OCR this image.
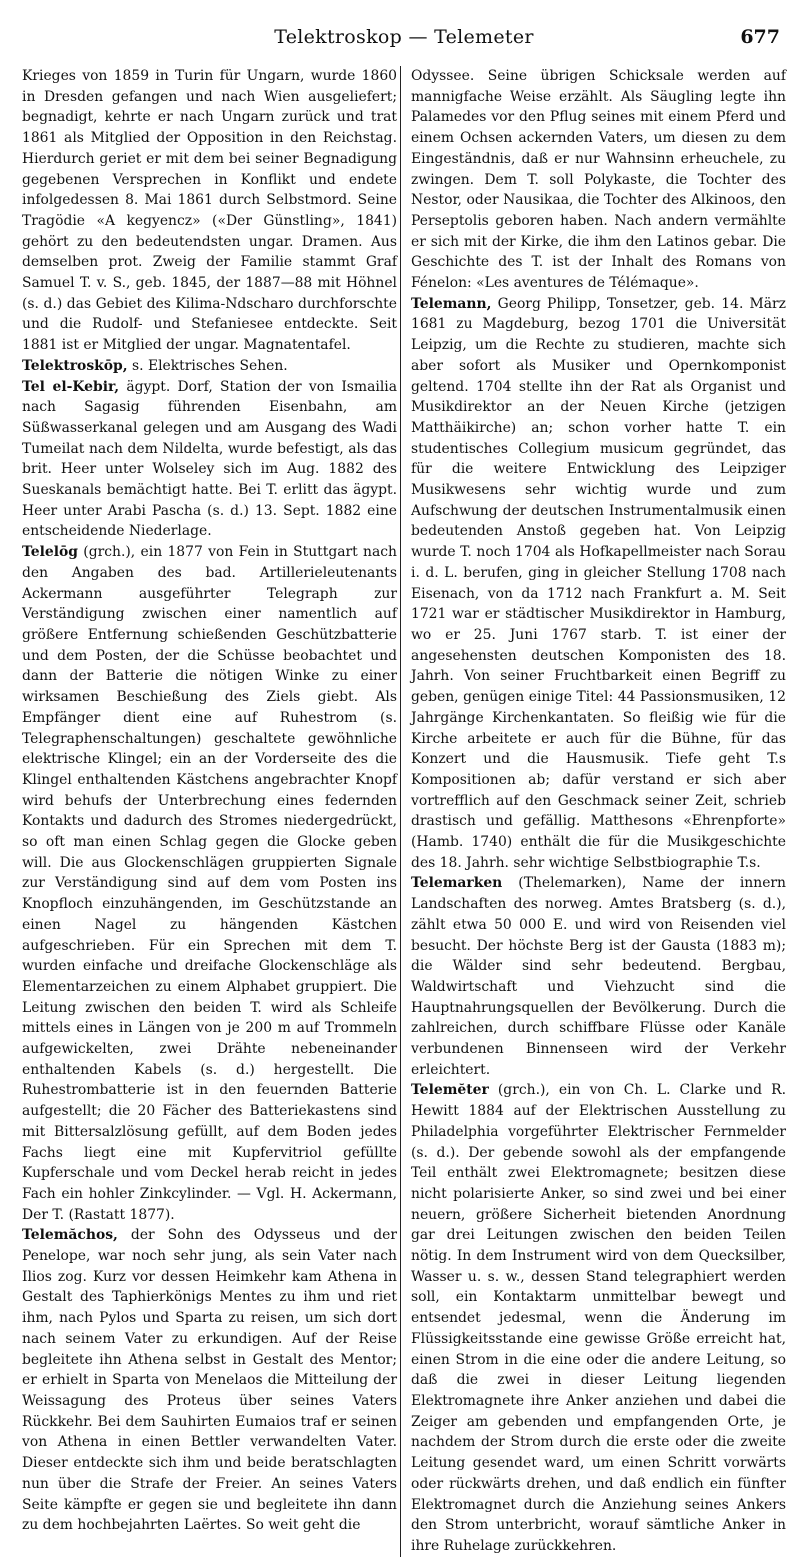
Telektroskop — Telemeter	677

Krieges von 1859 in Turin für Ungarn, wurde 1860 in Dresden gefangen und nach Wien ausgeliefert; begnadigt, kehrte er nach Ungarn zurück und trat 1861 als Mitglied der Opposition in den Reichstag. Hierdurch geriet er mit dem bei seiner Begnadigung gegebenen Versprechen in Konflikt und endete infolgedessen 8. Mai 1861 durch Selbstmord. Seine Tragödie «A kegyencz» («Der Günstling», 1841) gehört zu den bedeutendsten ungar. Dramen. Aus demselben prot. Zweig der Familie stammt Graf Samuel T. v. S., geb. 1845, der 1887—88 mit Höhnel (s. d.) das Gebiet des Kilima-Ndscharo durchforschte und die Rudolf- und Stefaniesee entdeckte. Seit 1881 ist er Mitglied der ungar. Magnatentafel.

Telektroskōp, s. Elektrisches Sehen.

Tel el-Kebir, ägypt. Dorf, Station der von Ismailia nach Sagasig führenden Eisenbahn, am Süßwasserkanal gelegen und am Ausgang des Wadi Tumeilat nach dem Nildelta, wurde befestigt, als das brit. Heer unter Wolseley sich im Aug. 1882 des Sueskanals bemächtigt hatte. Bei T. erlitt das ägypt. Heer unter Arabi Pascha (s. d.) 13. Sept. 1882 eine entscheidende Niederlage.

Telelōg (grch.), ein 1877 von Fein in Stuttgart nach den Angaben des bad. Artillerieleutenants Ackermann ausgeführter Telegraph zur Verständigung zwischen einer namentlich auf größere Entfernung schießenden Geschützbatterie und dem Posten, der die Schüsse beobachtet und dann der Batterie die nötigen Winke zu einer wirksamen Beschießung des Ziels giebt. Als Empfänger dient eine auf Ruhestrom (s. Telegraphenschaltungen) geschaltete gewöhnliche elektrische Klingel; ein an der Vorderseite des die Klingel enthaltenden Kästchens angebrachter Knopf wird behufs der Unterbrechung eines federnden Kontakts und dadurch des Stromes niedergedrückt, so oft man einen Schlag gegen die Glocke geben will. Die aus Glockenschlägen gruppierten Signale zur Verständigung sind auf dem vom Posten ins Knopfloch einzuhängenden, im Geschützstande an einen Nagel zu hängenden Kästchen aufgeschrieben. Für ein Sprechen mit dem T. wurden einfache und dreifache Glockenschläge als Elementarzeichen zu einem Alphabet gruppiert. Die Leitung zwischen den beiden T. wird als Schleife mittels eines in Längen von je 200 m auf Trommeln aufgewickelten, zwei Drähte nebeneinander enthaltenden Kabels (s. d.) hergestellt. Die Ruhestrombatterie ist in den feuernden Batterie aufgestellt; die 20 Fächer des Batteriekastens sind mit Bittersalzlösung gefüllt, auf dem Boden jedes Fachs liegt eine mit Kupfervitriol gefüllte Kupferschale und vom Deckel herab reicht in jedes Fach ein hohler Zinkcylinder. — Vgl. H. Ackermann, Der T. (Rastatt 1877).

Telemăchos, der Sohn des Odysseus und der Penelope, war noch sehr jung, als sein Vater nach Ilios zog. Kurz vor dessen Heimkehr kam Athena in Gestalt des Taphierkönigs Mentes zu ihm und riet ihm, nach Pylos und Sparta zu reisen, um sich dort nach seinem Vater zu erkundigen. Auf der Reise begleitete ihn Athena selbst in Gestalt des Mentor; er erhielt in Sparta von Menelaos die Mitteilung der Weissagung des Proteus über seines Vaters Rückkehr. Bei dem Sauhirten Eumaios traf er seinen von Athena in einen Bettler verwandelten Vater. Dieser entdeckte sich ihm und beide beratschlagten nun über die Strafe der Freier. An seines Vaters Seite kämpfte er gegen sie und begleitete ihn dann zu dem hochbejahrten Laërtes. So weit geht die

Odyssee. Seine übrigen Schicksale werden auf mannigfache Weise erzählt. Als Säugling legte ihn Palamedes vor den Pflug seines mit einem Pferd und einem Ochsen ackernden Vaters, um diesen zu dem Eingeständnis, daß er nur Wahnsinn erheuchele, zu zwingen. Dem T. soll Polykaste, die Tochter des Nestor, oder Nausikaa, die Tochter des Alkinoos, den Perseptolis geboren haben. Nach andern vermählte er sich mit der Kirke, die ihm den Latinos gebar. Die Geschichte des T. ist der Inhalt des Romans von Fénelon: «Les aventures de Télémaque».

Telemann, Georg Philipp, Tonsetzer, geb. 14. März 1681 zu Magdeburg, bezog 1701 die Universität Leipzig, um die Rechte zu studieren, machte sich aber sofort als Musiker und Opernkomponist geltend. 1704 stellte ihn der Rat als Organist und Musikdirektor an der Neuen Kirche (jetzigen Matthäikirche) an; schon vorher hatte T. ein studentisches Collegium musicum gegründet, das für die weitere Entwicklung des Leipziger Musikwesens sehr wichtig wurde und zum Aufschwung der deutschen Instrumentalmusik einen bedeutenden Anstoß gegeben hat. Von Leipzig wurde T. noch 1704 als Hofkapellmeister nach Sorau i. d. L. berufen, ging in gleicher Stellung 1708 nach Eisenach, von da 1712 nach Frankfurt a. M. Seit 1721 war er städtischer Musikdirektor in Hamburg, wo er 25. Juni 1767 starb. T. ist einer der angesehensten deutschen Komponisten des 18. Jahrh. Von seiner Fruchtbarkeit einen Begriff zu geben, genügen einige Titel: 44 Passionsmusiken, 12 Jahrgänge Kirchenkantaten. So fleißig wie für die Kirche arbeitete er auch für die Bühne, für das Konzert und die Hausmusik. Tiefe geht T.s Kompositionen ab; dafür verstand er sich aber vortrefflich auf den Geschmack seiner Zeit, schrieb drastisch und gefällig. Matthesons «Ehrenpforte» (Hamb. 1740) enthält die für die Musikgeschichte des 18. Jahrh. sehr wichtige Selbstbiographie T.s.

Telemarken (Thelemarken), Name der innern Landschaften des norweg. Amtes Bratsberg (s. d.), zählt etwa 50 000 E. und wird von Reisenden viel besucht. Der höchste Berg ist der Gausta (1883 m); die Wälder sind sehr bedeutend. Bergbau, Waldwirtschaft und Viehzucht sind die Hauptnahrungsquellen der Bevölkerung. Durch die zahlreichen, durch schiffbare Flüsse oder Kanäle verbundenen Binnenseen wird der Verkehr erleichtert.

Telemĕter (grch.), ein von Ch. L. Clarke und R. Hewitt 1884 auf der Elektrischen Ausstellung zu Philadelphia vorgeführter Elektrischer Fernmelder (s. d.). Der gebende sowohl als der empfangende Teil enthält zwei Elektromagnete; besitzen diese nicht polarisierte Anker, so sind zwei und bei einer neuern, größere Sicherheit bietenden Anordnung gar drei Leitungen zwischen den beiden Teilen nötig. In dem Instrument wird von dem Quecksilber, Wasser u. s. w., dessen Stand telegraphiert werden soll, ein Kontaktarm unmittelbar bewegt und entsendet jedesmal, wenn die Änderung im Flüssigkeitsstande eine gewisse Größe erreicht hat, einen Strom in die eine oder die andere Leitung, so daß die zwei in dieser Leitung liegenden Elektromagnete ihre Anker anziehen und dabei die Zeiger am gebenden und empfangenden Orte, je nachdem der Strom durch die erste oder die zweite Leitung gesendet ward, um einen Schritt vorwärts oder rückwärts drehen, und daß endlich ein fünfter Elektromagnet durch die Anziehung seines Ankers den Strom unterbricht, worauf sämtliche Anker in ihre Ruhelage zurückkehren.
